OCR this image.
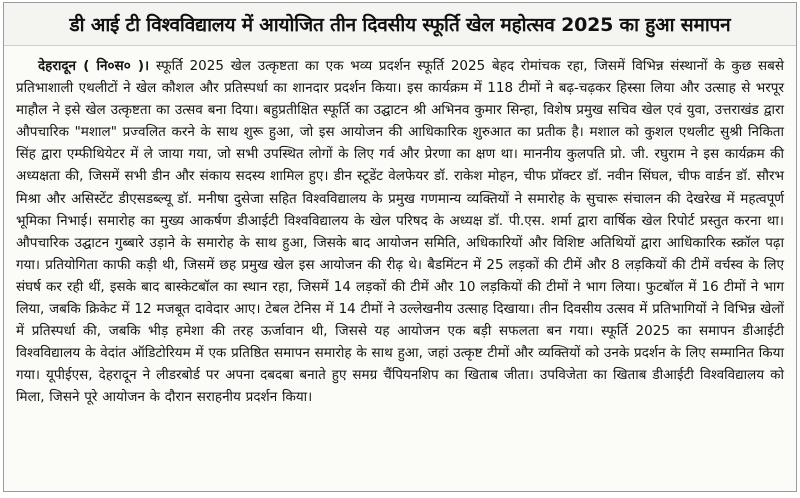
डी आई टी विश्वविद्यालय में आयोजित तीन दिवसीय स्फूर्ति खेल महोत्सव 2025 का हुआ समापन
देहरादून ( नि०स० )। स्फूर्ति 2025 खेल उत्कृष्टता का एक भव्य प्रदर्शन स्फूर्ति 2025 बेहद रोमांचक रहा, जिसमें विभिन्न संस्थानों के कुछ सबसे प्रतिभाशाली एथलीटों ने खेल कौशल और प्रतिस्पर्धा का शानदार प्रदर्शन किया। इस कार्यक्रम में 118 टीमों ने बढ़-चढ़कर हिस्सा लिया और उत्साह से भरपूर माहौल ने इसे खेल उत्कृष्टता का उत्सव बना दिया। बहुप्रतीक्षित स्फूर्ति का उद्घाटन श्री अभिनव कुमार सिन्हा, विशेष प्रमुख सचिव खेल एवं युवा, उत्तराखंड द्वारा औपचारिक "मशाल" प्रज्वलित करने के साथ शुरू हुआ, जो इस आयोजन की आधिकारिक शुरुआत का प्रतीक है। मशाल को कुशल एथलीट सुश्री निकिता सिंह द्वारा एम्फीथियेटर में ले जाया गया, जो सभी उपस्थित लोगों के लिए गर्व और प्रेरणा का क्षण था। माननीय कुलपति प्रो. जी. रघुराम ने इस कार्यक्रम की अध्यक्षता की, जिसमें सभी डीन और संकाय सदस्य शामिल हुए। डीन स्टूडेंट वेलफेयर डॉ. राकेश मोहन, चीफ प्रॉक्टर डॉ. नवीन सिंघल, चीफ वार्डन डॉ. सौरभ मिश्रा और असिस्टेंट डीएसडब्ल्यू डॉ. मनीषा दुसेजा सहित विश्वविद्यालय के प्रमुख गणमान्य व्यक्तियों ने समारोह के सुचारू संचालन की देखरेख में महत्वपूर्ण भूमिका निभाई। समारोह का मुख्य आकर्षण डीआईटी विश्वविद्यालय के खेल परिषद के अध्यक्ष डॉ. पी.एस. शर्मा द्वारा वार्षिक खेल रिपोर्ट प्रस्तुत करना था। औपचारिक उद्घाटन गुब्बारे उड़ाने के समारोह के साथ हुआ, जिसके बाद आयोजन समिति, अधिकारियों और विशिष्ट अतिथियों द्वारा आधिकारिक स्क्रॉल पढ़ा गया। प्रतियोगिता काफी कड़ी थी, जिसमें छह प्रमुख खेल इस आयोजन की रीढ़ थे। बैडमिंटन में 25 लड़कों की टीमें और 8 लड़कियों की टीमें वर्चस्व के लिए संघर्ष कर रही थीं, इसके बाद बास्केटबॉल का स्थान रहा, जिसमें 14 लड़कों की टीमें और 10 लड़कियों की टीमों ने भाग लिया। फुटबॉल में 16 टीमों ने भाग लिया, जबकि क्रिकेट में 12 मजबूत दावेदार आए। टेबल टेनिस में 14 टीमों ने उल्लेखनीय उत्साह दिखाया। तीन दिवसीय उत्सव में प्रतिभागियों ने विभिन्न खेलों में प्रतिस्पर्धा की, जबकि भीड़ हमेशा की तरह ऊर्जावान थी, जिससे यह आयोजन एक बड़ी सफलता बन गया। स्फूर्ति 2025 का समापन डीआईटी विश्वविद्यालय के वेदांत ऑडिटोरियम में एक प्रतिष्ठित समापन समारोह के साथ हुआ, जहां उत्कृष्ट टीमों और व्यक्तियों को उनके प्रदर्शन के लिए सम्मानित किया गया। यूपीईएस, देहरादून ने लीडरबोर्ड पर अपना दबदबा बनाते हुए समग्र चैंपियनशिप का खिताब जीता। उपविजेता का खिताब डीआईटी विश्वविद्यालय को मिला, जिसने पूरे आयोजन के दौरान सराहनीय प्रदर्शन किया।
